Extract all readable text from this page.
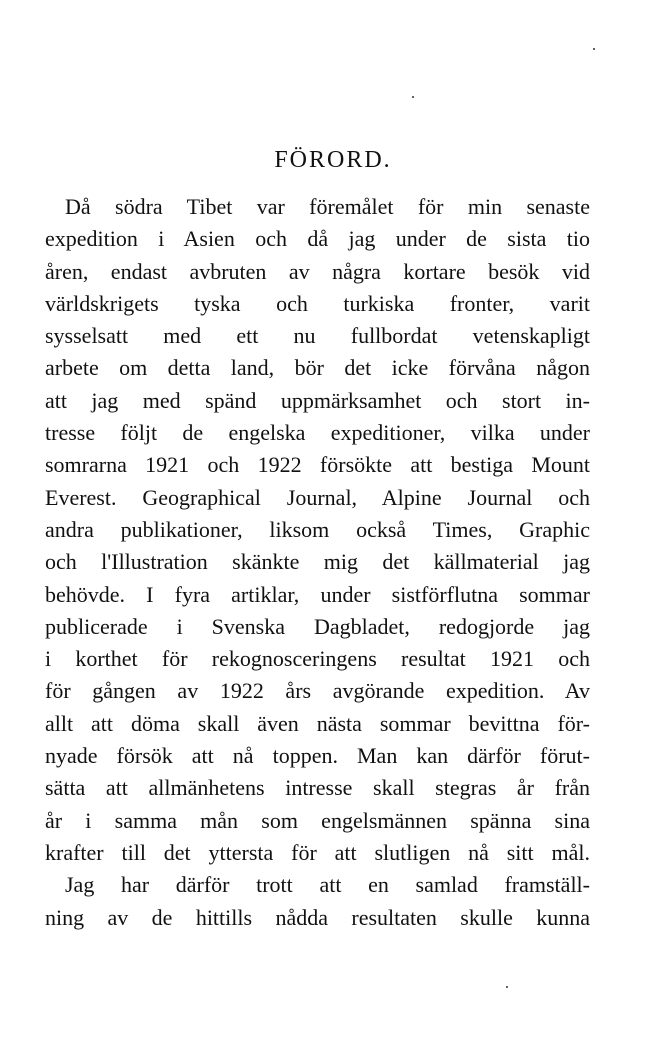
FÖRORD.
Då södra Tibet var föremålet för min senaste
expedition i Asien och då jag under de sista tio
åren, endast avbruten av några kortare besök vid
världskrigets tyska och turkiska fronter, varit
sysselsatt med ett nu fullbordat vetenskapligt
arbete om detta land, bör det icke förvåna någon
att jag med spänd uppmärksamhet och stort in-
tresse följt de engelska expeditioner, vilka under
somrarna 1921 och 1922 försökte att bestiga Mount
Everest. Geographical Journal, Alpine Journal och
andra publikationer, liksom också Times, Graphic
och l'Illustration skänkte mig det källmaterial jag
behövde. I fyra artiklar, under sistförflutna sommar
publicerade i Svenska Dagbladet, redogjorde jag
i korthet för rekognosceringens resultat 1921 och
för gången av 1922 års avgörande expedition. Av
allt att döma skall även nästa sommar bevittna för-
nyade försök att nå toppen. Man kan därför förut-
sätta att allmänhetens intresse skall stegras år från
år i samma mån som engelsmännen spänna sina
krafter till det yttersta för att slutligen nå sitt mål.
Jag har därför trott att en samlad framställ-
ning av de hittills nådda resultaten skulle kunna
